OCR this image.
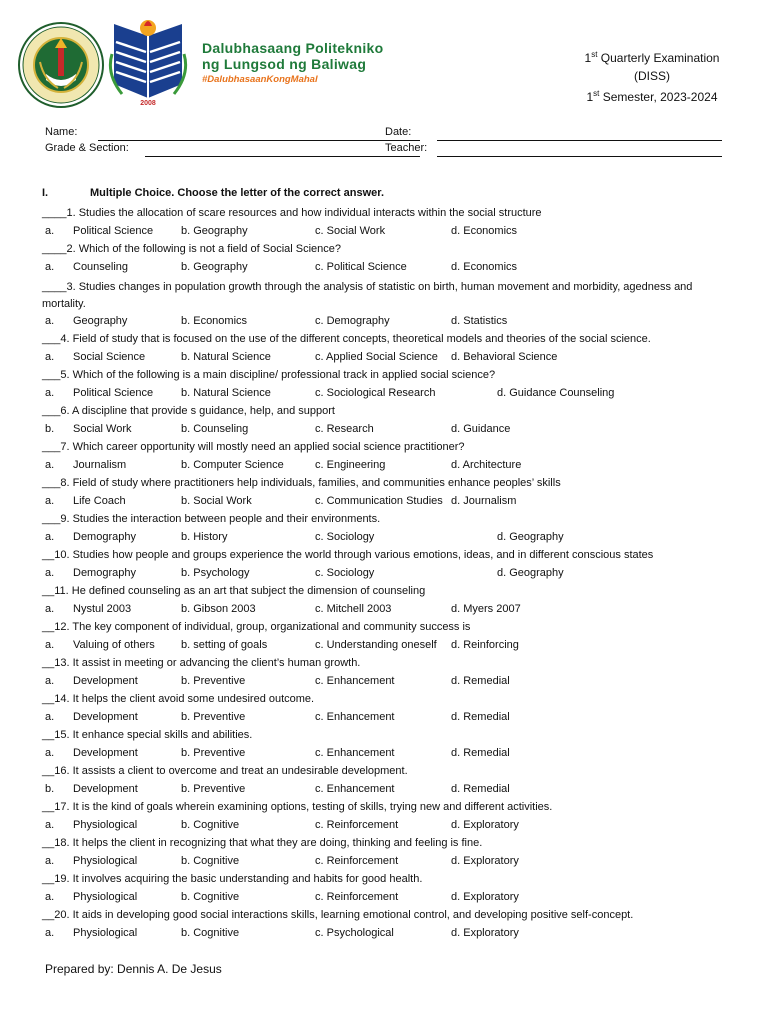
2008
Dalubhasaang Politekniko
ng Lungsod ng Baliwag
#DalubhasaanKongMahal
1st Quarterly Examination
(DISS)
1st Semester, 2023-2024
Name:
Grade & Section:
Date:
Teacher:
I.	Multiple Choice. Choose the letter of the correct answer.
____1. Studies the allocation of scare resources and how individual interacts within the social structure
a. Political Science	b. Geography	c. Social Work	d. Economics
____2. Which of the following is not a field of Social Science?
a. Counseling	b. Geography	c. Political Science	d. Economics
____3. Studies changes in population growth through the analysis of statistic on birth, human movement and morbidity, agedness and mortality.
a. Geography	b. Economics	c. Demography	d. Statistics
___4. Field of study that is focused on the use of the different concepts, theoretical models and theories of the social science.
a. Social Science	b. Natural Science	c. Applied Social Science d. Behavioral Science
___5. Which of the following is a main discipline/ professional track in applied social science?
a. Political Science	b. Natural Science	c. Sociological Research	d. Guidance Counseling
___6. A discipline that provide s guidance, help, and support
b. Social Work	b. Counseling	c. Research	d. Guidance
___7. Which career opportunity will mostly need an applied social science practitioner?
a. Journalism	b. Computer Science	c. Engineering	d. Architecture
___8. Field of study where practitioners help individuals, families, and communities enhance peoples’ skills
a. Life Coach	b. Social Work	c. Communication Studies d. Journalism
___9. Studies the interaction between people and their environments.
a. Demography	b. History	c. Sociology	d. Geography
__10. Studies how people and groups experience the world through various emotions, ideas, and in different conscious states
a. Demography	b. Psychology	c. Sociology	d. Geography
__11. He defined counseling as an art that subject the dimension of counseling
a. Nystul 2003	b. Gibson 2003	c. Mitchell 2003	d. Myers 2007
__12. The key component of individual, group, organizational and community success is
a. Valuing of others b. setting of goals	c. Understanding oneself d. Reinforcing
__13. It assist in meeting or advancing the client’s human growth.
a. Development	b. Preventive	c. Enhancement	d. Remedial
__14. It helps the client avoid some undesired outcome.
a. Development	b. Preventive	c. Enhancement	d. Remedial
__15. It enhance special skills and abilities.
a. Development	b. Preventive	c. Enhancement	d. Remedial
__16. It assists a client to overcome and treat an undesirable development.
b. Development	b. Preventive	c. Enhancement	d. Remedial
__17. It is the kind of goals wherein examining options, testing of skills, trying new and different activities.
a. Physiological	b. Cognitive	c. Reinforcement	d. Exploratory
__18. It helps the client in recognizing that what they are doing, thinking and feeling is fine.
a. Physiological	b. Cognitive	c. Reinforcement	d. Exploratory
__19. It involves acquiring the basic understanding and habits for good health.
a. Physiological	b. Cognitive	c. Reinforcement	d. Exploratory
__20. It aids in developing good social interactions skills, learning emotional control, and developing positive self-concept.
a. Physiological	b. Cognitive	c. Psychological	d. Exploratory
Prepared by: Dennis A. De Jesus
